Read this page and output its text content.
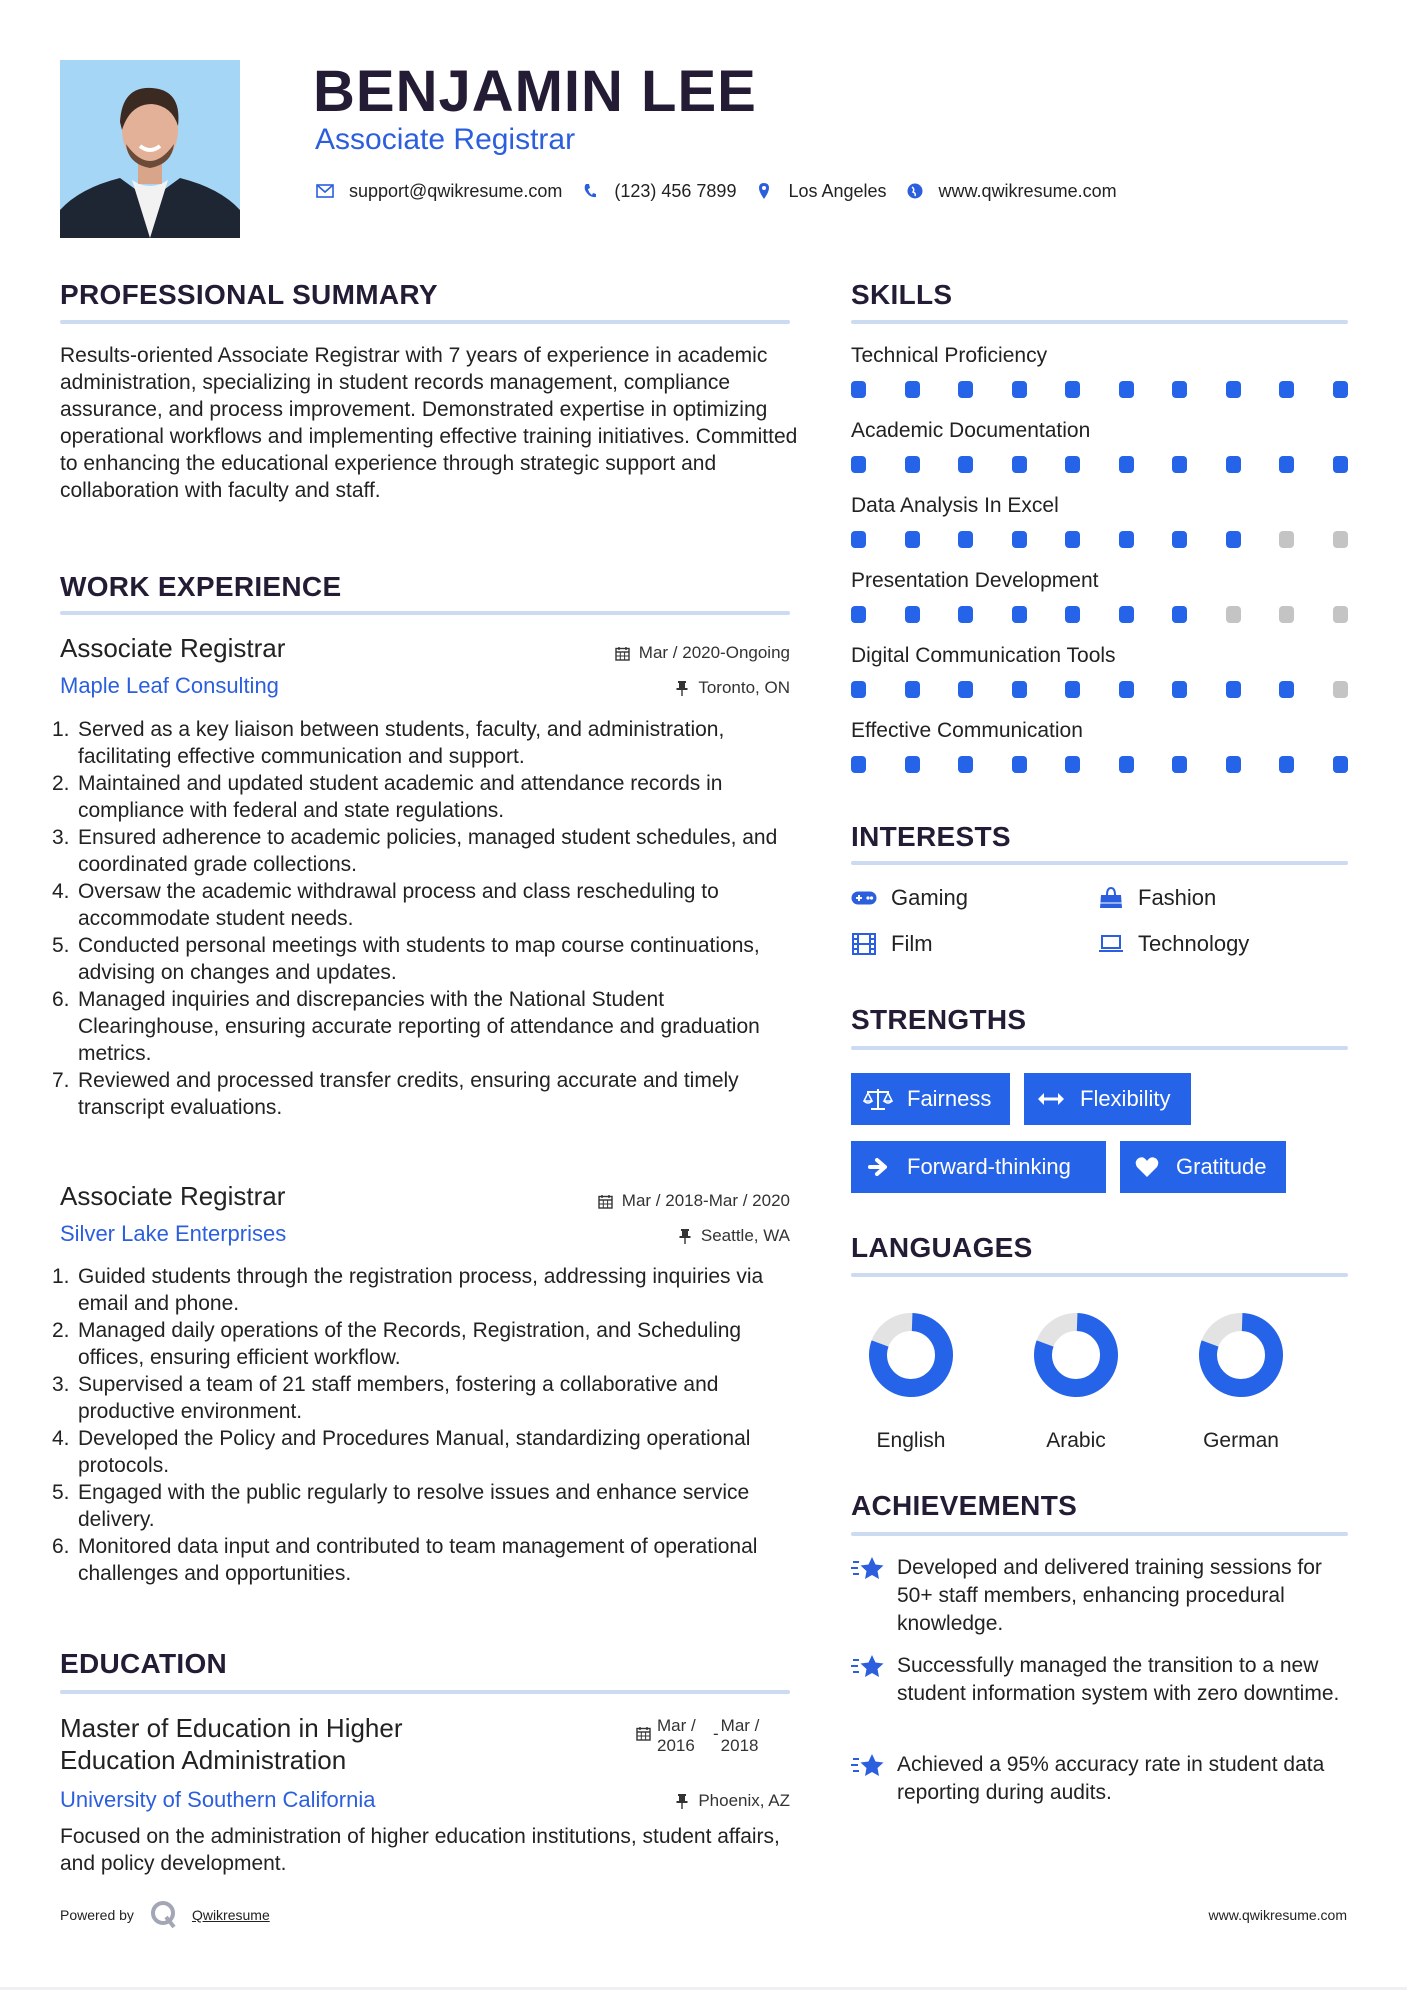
BENJAMIN LEE
Associate Registrar
support@qwikresume.com	(123) 456 7899	Los Angeles	www.qwikresume.com
PROFESSIONAL SUMMARY
Results-oriented Associate Registrar with 7 years of experience in academic administration, specializing in student records management, compliance assurance, and process improvement. Demonstrated expertise in optimizing operational workflows and implementing effective training initiatives. Committed to enhancing the educational experience through strategic support and collaboration with faculty and staff.
WORK EXPERIENCE
Associate Registrar	Mar / 2020-Ongoing
Maple Leaf Consulting	Toronto, ON
1. Served as a key liaison between students, faculty, and administration, facilitating effective communication and support.
2. Maintained and updated student academic and attendance records in compliance with federal and state regulations.
3. Ensured adherence to academic policies, managed student schedules, and coordinated grade collections.
4. Oversaw the academic withdrawal process and class rescheduling to accommodate student needs.
5. Conducted personal meetings with students to map course continuations, advising on changes and updates.
6. Managed inquiries and discrepancies with the National Student Clearinghouse, ensuring accurate reporting of attendance and graduation metrics.
7. Reviewed and processed transfer credits, ensuring accurate and timely transcript evaluations.
Associate Registrar	Mar / 2018-Mar / 2020
Silver Lake Enterprises	Seattle, WA
1. Guided students through the registration process, addressing inquiries via email and phone.
2. Managed daily operations of the Records, Registration, and Scheduling offices, ensuring efficient workflow.
3. Supervised a team of 21 staff members, fostering a collaborative and productive environment.
4. Developed the Policy and Procedures Manual, standardizing operational protocols.
5. Engaged with the public regularly to resolve issues and enhance service delivery.
6. Monitored data input and contributed to team management of operational challenges and opportunities.
EDUCATION
Master of Education in Higher Education Administration
Mar / 2016
- Mar / 2018
University of Southern California	Phoenix, AZ
Focused on the administration of higher education institutions, student affairs, and policy development.
SKILLS
Technical Proficiency
Academic Documentation
Data Analysis In Excel
Presentation Development
Digital Communication Tools
Effective Communication
INTERESTS
Gaming	Fashion
Film	Technology
STRENGTHS
Fairness	Flexibility
Forward-thinking	Gratitude
LANGUAGES
English	Arabic	German
ACHIEVEMENTS
Developed and delivered training sessions for 50+ staff members, enhancing procedural knowledge.
Successfully managed the transition to a new student information system with zero downtime.
Achieved a 95% accuracy rate in student data reporting during audits.
Powered by	Qwikresume	www.qwikresume.com
